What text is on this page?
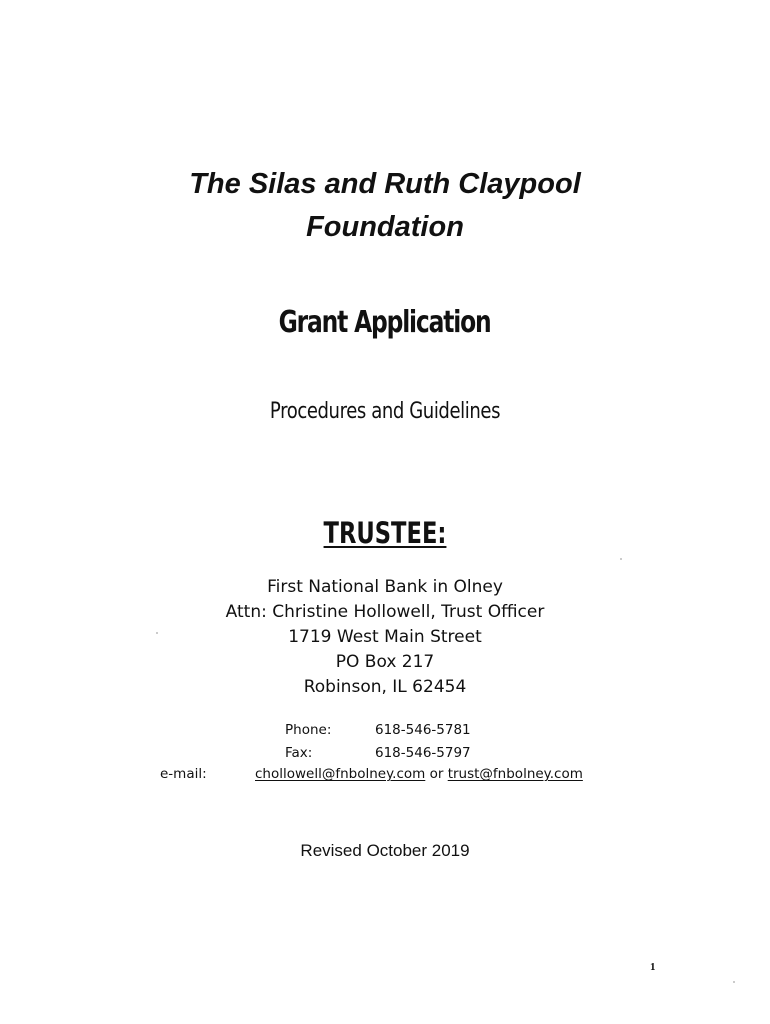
The Silas and Ruth Claypool
Foundation
Grant Application
Procedures and Guidelines
TRUSTEE:
First National Bank in Olney
Attn: Christine Hollowell, Trust Officer
1719 West Main Street
PO Box 217
Robinson, IL 62454
Phone:	618-546-5781
Fax:	618-546-5797
e-mail:	chollowell@fnbolney.com or trust@fnbolney.com
Revised October 2019
1
